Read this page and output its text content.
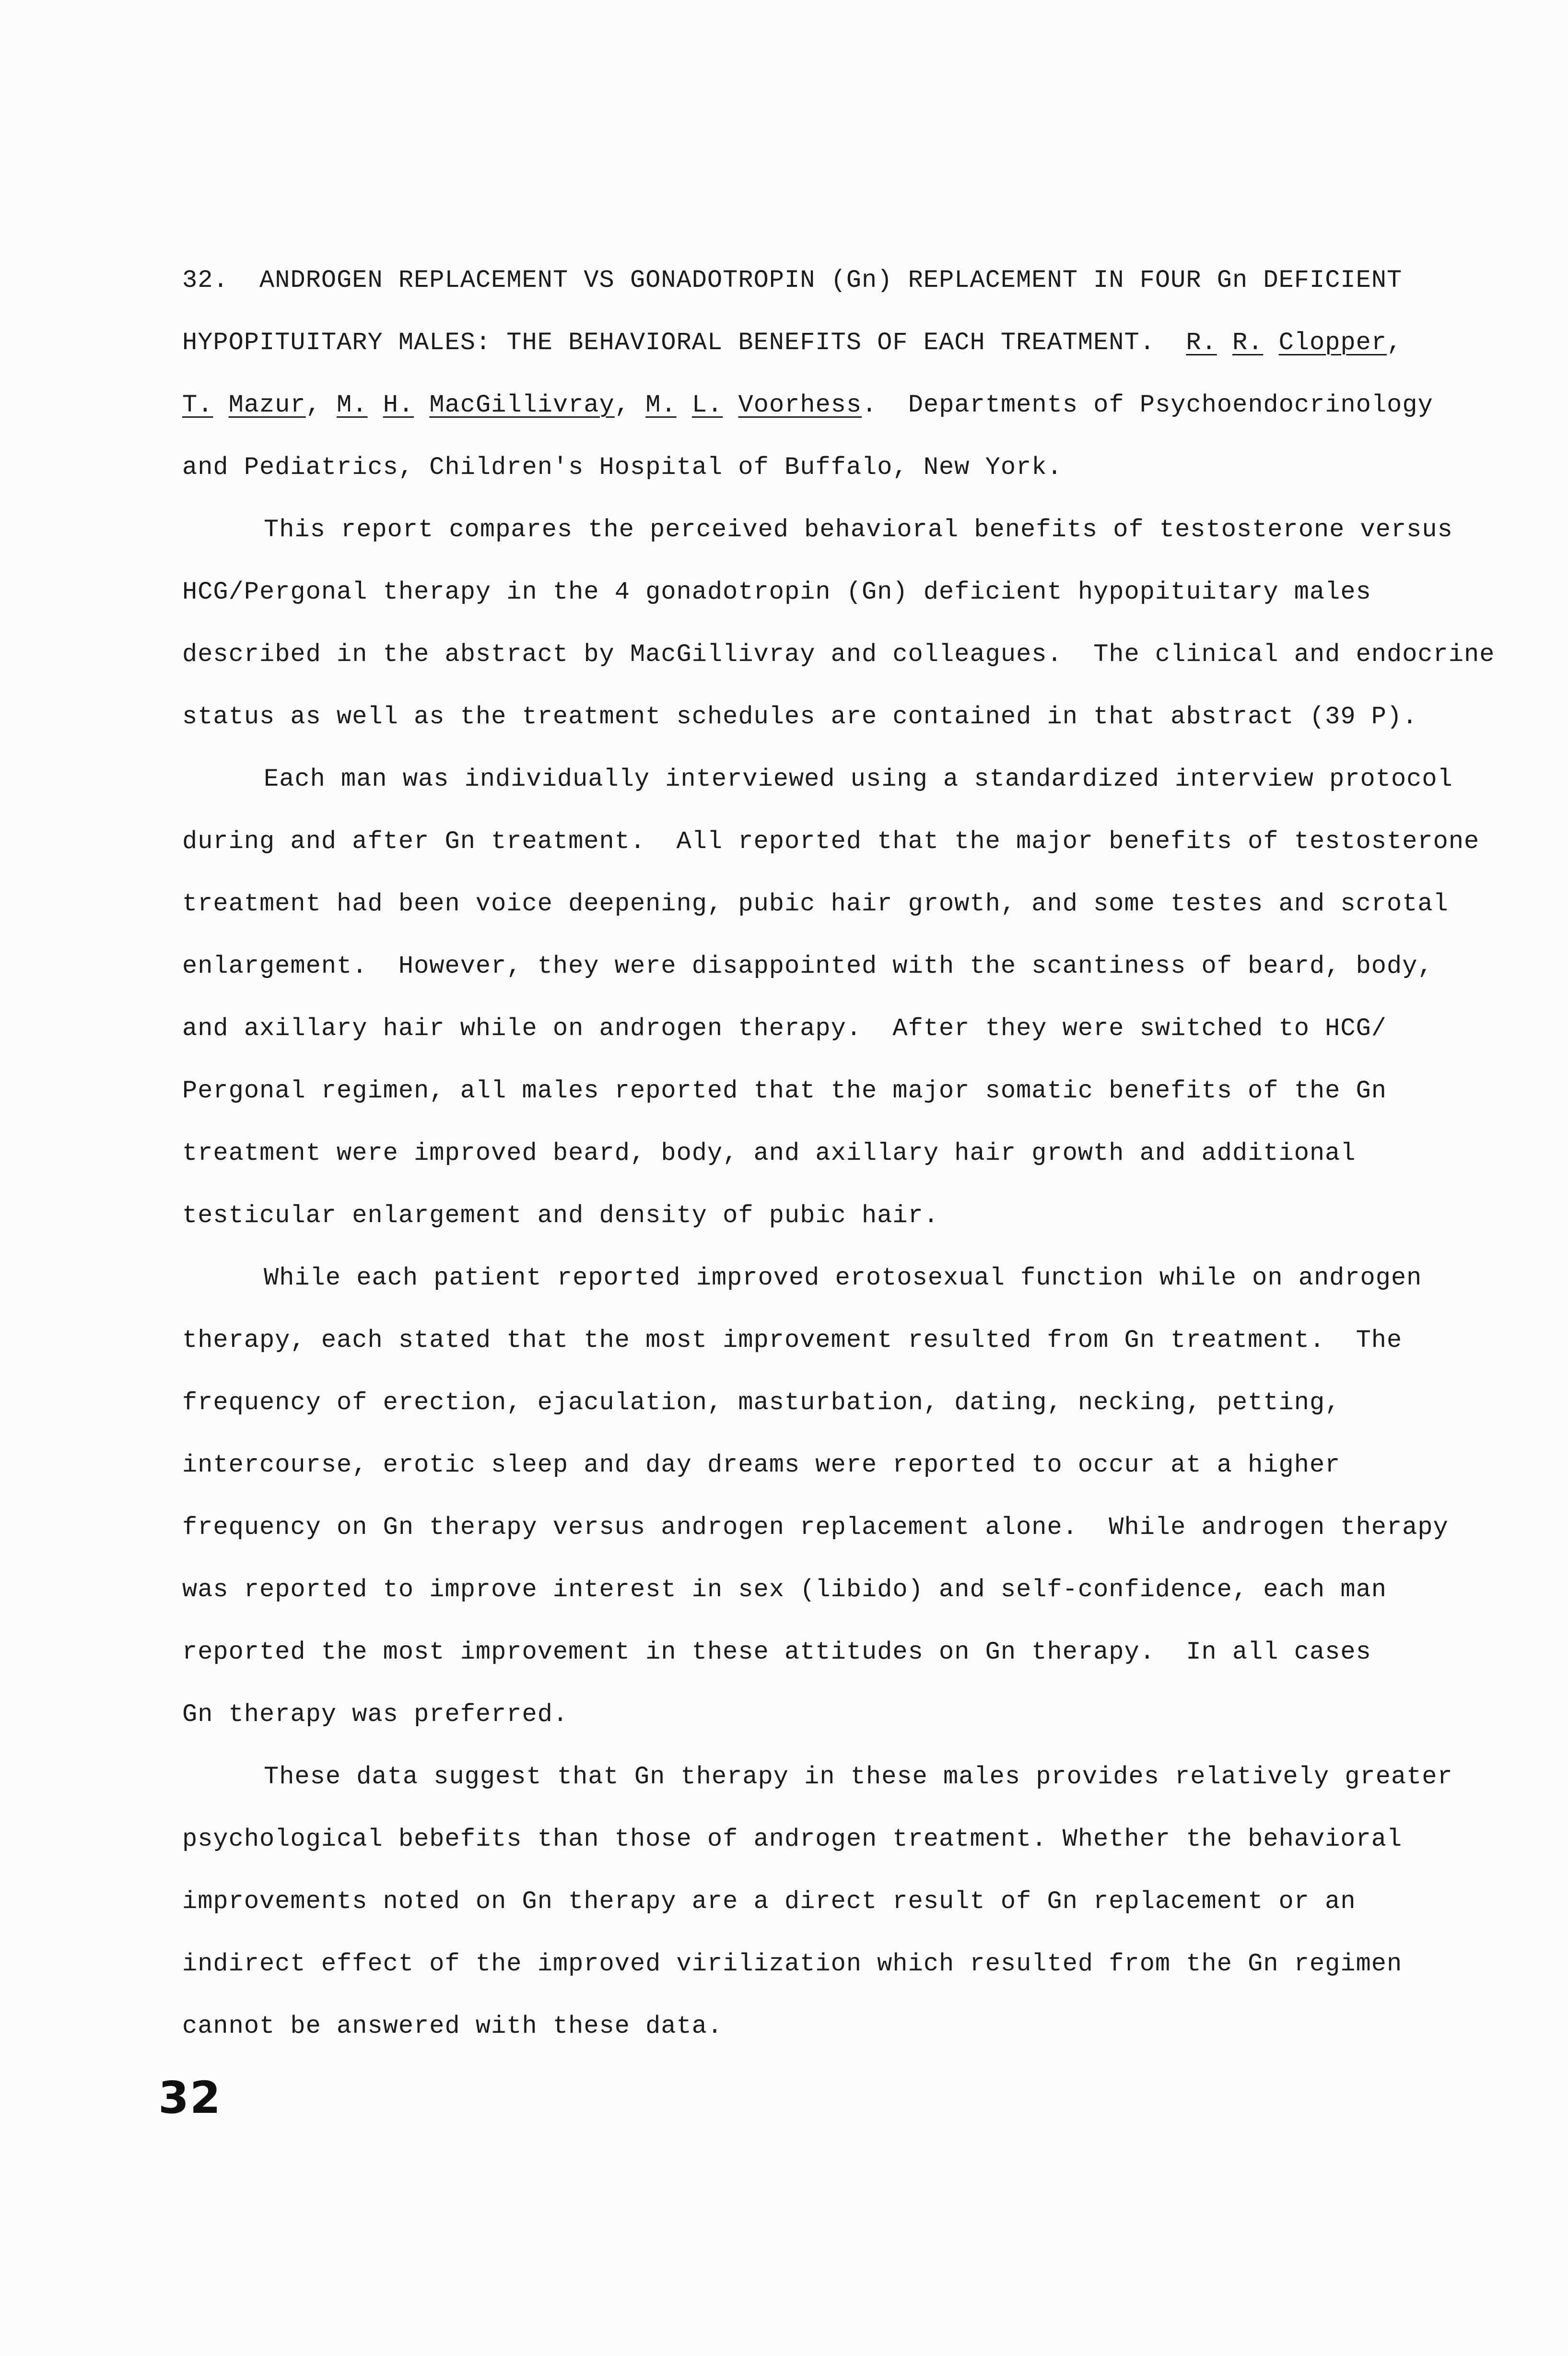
32. ANDROGEN REPLACEMENT VS GONADOTROPIN (Gn) REPLACEMENT IN FOUR Gn DEFICIENT
HYPOPITUITARY MALES: THE BEHAVIORAL BENEFITS OF EACH TREATMENT. R. R. Clopper,
T. Mazur, M. H. MacGillivray, M. L. Voorhess.  Departments of Psychoendocrinology
and Pediatrics, Children's Hospital of Buffalo, New York.
This report compares the perceived behavioral benefits of testosterone versus
HCG/Pergonal therapy in the 4 gonadotropin (Gn) deficient hypopituitary males
described in the abstract by MacGillivray and colleagues.  The clinical and endocrine
status as well as the treatment schedules are contained in that abstract (39 P).
Each man was individually interviewed using a standardized interview protocol
during and after Gn treatment.  All reported that the major benefits of testosterone
treatment had been voice deepening, pubic hair growth, and some testes and scrotal
enlargement.  However, they were disappointed with the scantiness of beard, body,
and axillary hair while on androgen therapy.  After they were switched to HCG/
Pergonal regimen, all males reported that the major somatic benefits of the Gn
treatment were improved beard, body, and axillary hair growth and additional
testicular enlargement and density of pubic hair.
While each patient reported improved erotosexual function while on androgen
therapy, each stated that the most improvement resulted from Gn treatment.  The
frequency of erection, ejaculation, masturbation, dating, necking, petting,
intercourse, erotic sleep and day dreams were reported to occur at a higher
frequency on Gn therapy versus androgen replacement alone.  While androgen therapy
was reported to improve interest in sex (libido) and self-confidence, each man
reported the most improvement in these attitudes on Gn therapy.  In all cases
Gn therapy was preferred.
These data suggest that Gn therapy in these males provides relatively greater
psychological bebefits than those of androgen treatment. Whether the behavioral
improvements noted on Gn therapy are a direct result of Gn replacement or an
indirect effect of the improved virilization which resulted from the Gn regimen
cannot be answered with these data.
32
